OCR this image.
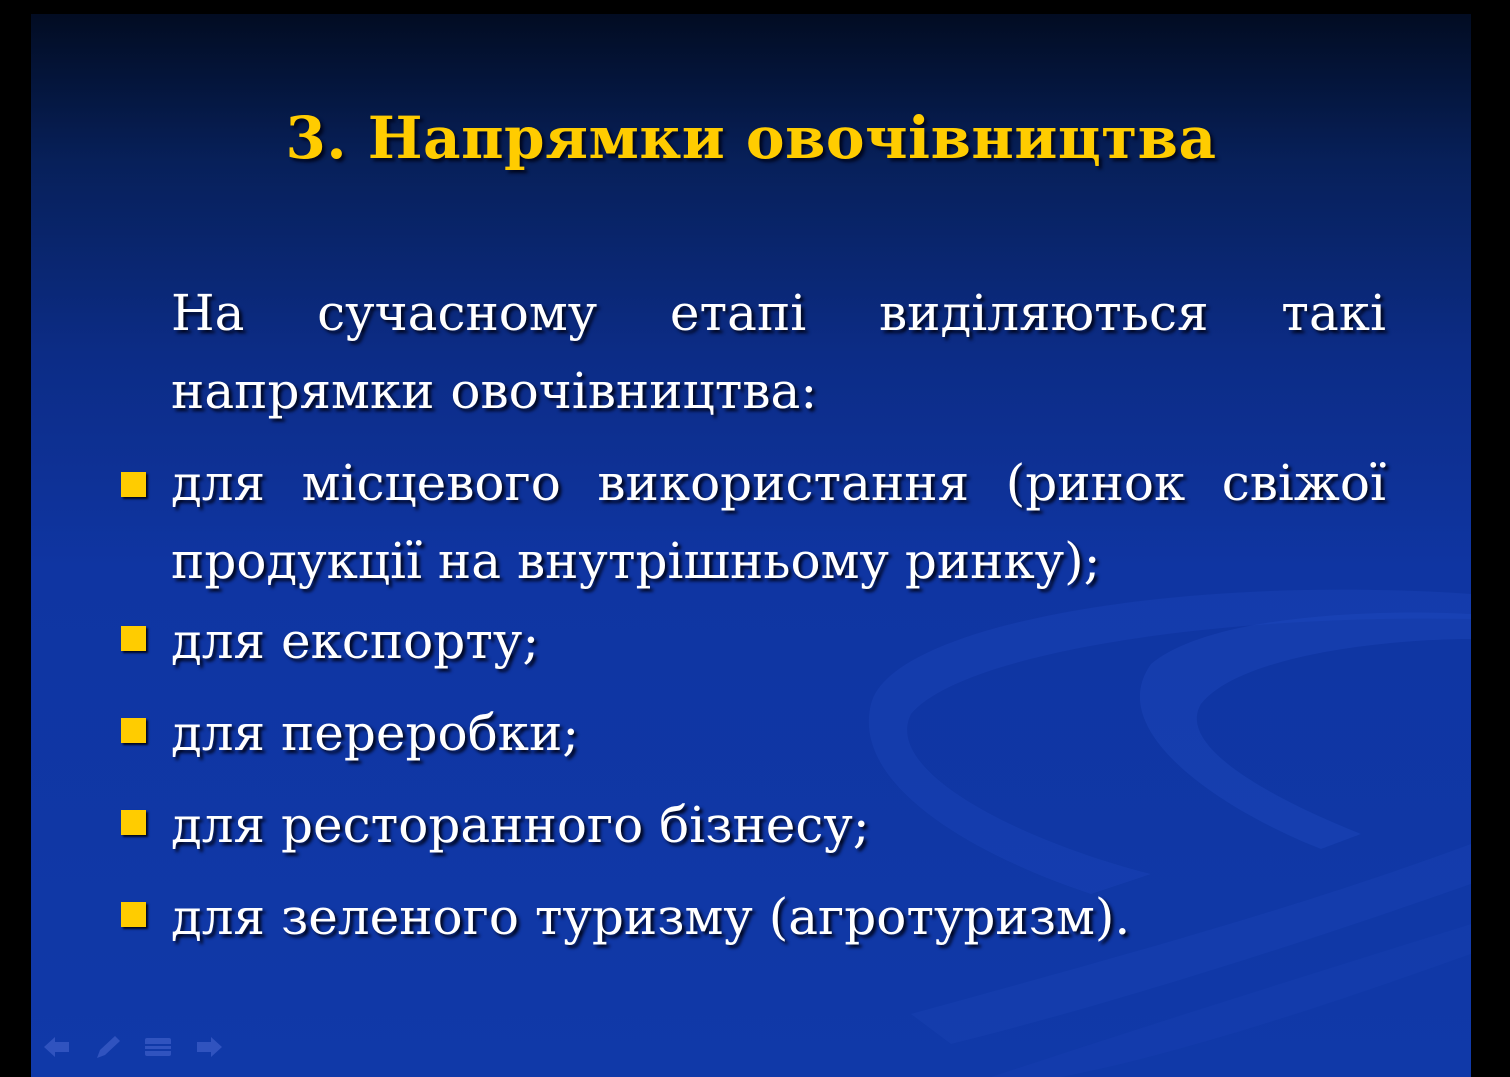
3. Напрямки овочівництва
На сучасному етапі виділяються такі напрямки овочівництва:
для місцевого використання (ринок свіжої продукції на внутрішньому ринку);
для експорту;
для переробки;
для ресторанного бізнесу;
для зеленого туризму (агротуризм).
